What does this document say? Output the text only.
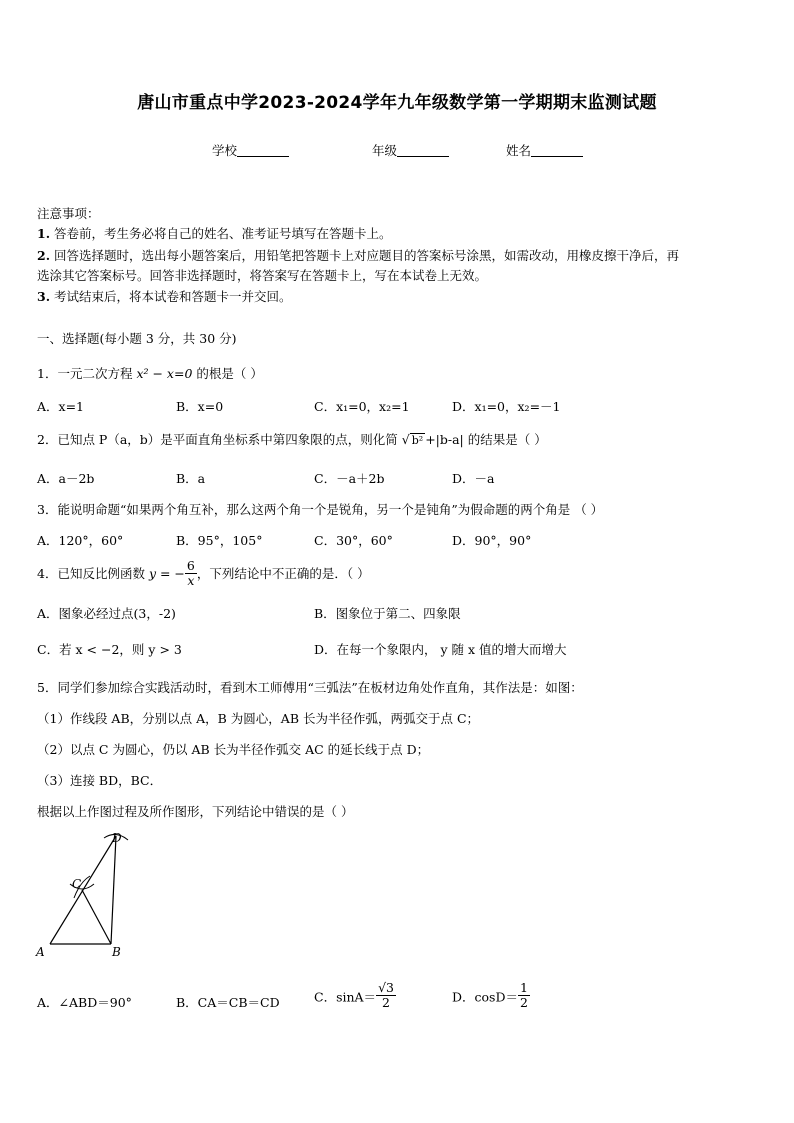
唐山市重点中学2023-2024学年九年级数学第一学期期末监测试题
学校	年级	姓名
注意事项：
1. 答卷前，考生务必将自己的姓名、准考证号填写在答题卡上。
2. 回答选择题时，选出每小题答案后，用铅笔把答题卡上对应题目的答案标号涂黑，如需改动，用橡皮擦干净后，再
选涂其它答案标号。回答非选择题时，将答案写在答题卡上，写在本试卷上无效。
3. 考试结束后，将本试卷和答题卡一并交回。
一、选择题(每小题 3 分，共 30 分)
1．一元二次方程 x² − x=0 的根是（ ）
A．x=1	B．x=0	C．x₁=0，x₂=1	D．x₁=0，x₂=－1
2．已知点 P（a，b）是平面直角坐标系中第四象限的点，则化简 √ b² +|b-a| 的结果是（ ）
A．a－2b	B．a	C．－a＋2b	D．－a
3．能说明命题“如果两个角互补，那么这两个角一个是锐角，另一个是钝角”为假命题的两个角是 （ ）
A．120°，60°	B．95°，105°	C．30°，60°	D．90°，90°
4．已知反比例函数 y = − $\frac{6}{x}$ ，下列结论中不正确的是．（ ）
A．图象必经过点(3，-2)	B．图象位于第二、四象限
C．若 x < −2，则 y > 3	D．在每一个象限内， y 随 x 值的增大而增大
5．同学们参加综合实践活动时，看到木工师傅用“三弧法”在板材边角处作直角，其作法是：如图：
（1）作线段 AB，分别以点 A，B 为圆心，AB 长为半径作弧，两弧交于点 C；
（2）以点 C 为圆心，仍以 AB 长为半径作弧交 AC 的延长线于点 D；
（3）连接 BD，BC．
根据以上作图过程及所作图形，下列结论中错误的是（ ）
A	B
C
D
A．∠ABD＝90°	B．CA＝CB＝CD	C．$\sin A= \frac{√3}{2}$	D．$\cos D= \frac{1}{2}$
